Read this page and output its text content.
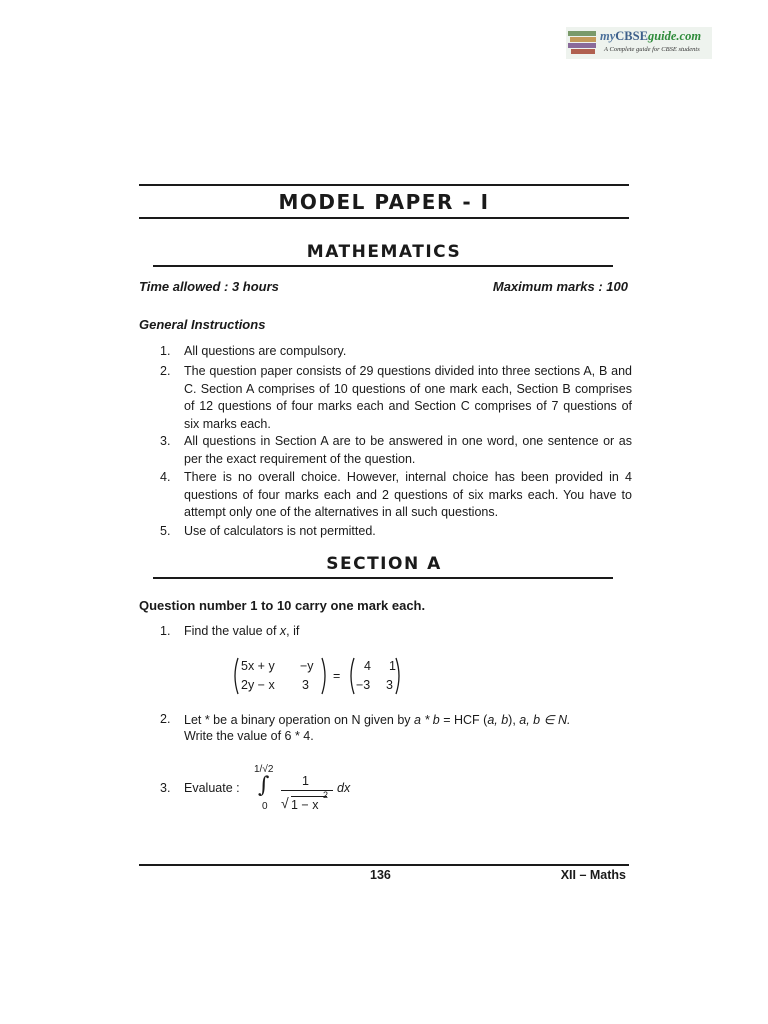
myCBSEguide.com
A Complete guide for CBSE students
MODEL PAPER - I
MATHEMATICS
Time allowed : 3 hours	Maximum marks : 100
General Instructions
1.	All questions are compulsory.
2.	The question paper consists of 29 questions divided into three sections A, B and C. Section A comprises of 10 questions of one mark each, Section B comprises of 12 questions of four marks each and Section C comprises of 7 questions of six marks each.
3.	All questions in Section A are to be answered in one word, one sentence or as per the exact requirement of the question.
4.	There is no overall choice. However, internal choice has been provided in 4 questions of four marks each and 2 questions of six marks each. You have to attempt only one of the alternatives in all such questions.
5.	Use of calculators is not permitted.
SECTION A
Question number 1 to 10 carry one mark each.
1. Find the value of x, if
5x + y −y
2y − x 3
=
4 1
−3 3
2. Let * be a binary operation on N given by a * b = HCF (a, b), a, b ∈ N.
Write the value of 6 * 4.
3. Evaluate :
1/√2
∫
0
1
√ 1 − x
2 dx
136	XII – Maths
